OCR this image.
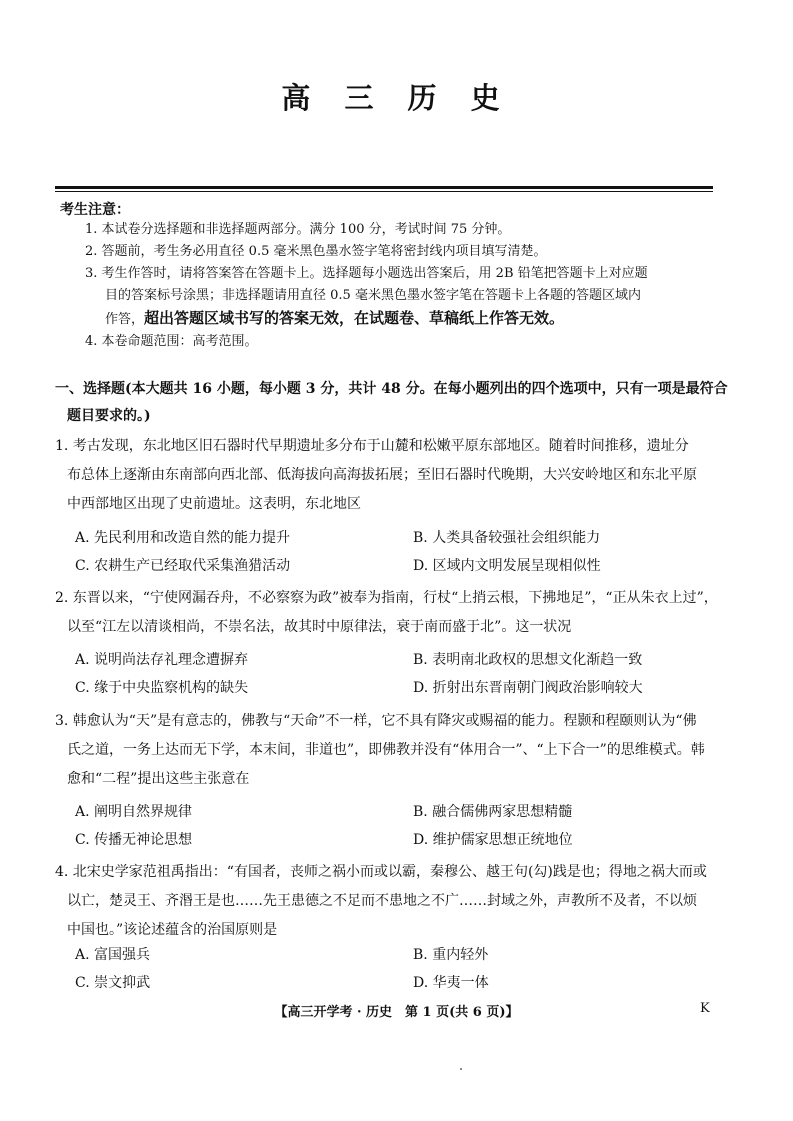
高 三 历 史
考生注意：
1. 本试卷分选择题和非选择题两部分。满分 100 分，考试时间 75 分钟。
2. 答题前，考生务必用直径 0.5 毫米黑色墨水签字笔将密封线内项目填写清楚。
3. 考生作答时，请将答案答在答题卡上。选择题每小题选出答案后，用 2B 铅笔把答题卡上对应题
目的答案标号涂黑；非选择题请用直径 0.5 毫米黑色墨水签字笔在答题卡上各题的答题区域内
作答，超出答题区域书写的答案无效，在试题卷、草稿纸上作答无效。
4. 本卷命题范围：高考范围。
一、选择题(本大题共 16 小题，每小题 3 分，共计 48 分。在每小题列出的四个选项中，只有一项是最符合
题目要求的。)
1. 考古发现，东北地区旧石器时代早期遗址多分布于山麓和松嫩平原东部地区。随着时间推移，遗址分
布总体上逐渐由东南部向西北部、低海拔向高海拔拓展；至旧石器时代晚期，大兴安岭地区和东北平原
中西部地区出现了史前遗址。这表明，东北地区
A. 先民利用和改造自然的能力提升	B. 人类具备较强社会组织能力
C. 农耕生产已经取代采集渔猎活动	D. 区域内文明发展呈现相似性
2. 东晋以来，“宁使网漏吞舟，不必察察为政”被奉为指南，行杖“上捎云根，下拂地足”，“正从朱衣上过”，
以至“江左以清谈相尚，不崇名法，故其时中原律法，衰于南而盛于北”。这一状况
A. 说明尚法存礼理念遭摒弃	B. 表明南北政权的思想文化渐趋一致
C. 缘于中央监察机构的缺失	D. 折射出东晋南朝门阀政治影响较大
3. 韩愈认为“天”是有意志的，佛教与“天命”不一样，它不具有降灾或赐福的能力。程颢和程颐则认为“佛
氏之道，一务上达而无下学，本末间，非道也”，即佛教并没有“体用合一”、“上下合一”的思维模式。韩
愈和“二程”提出这些主张意在
A. 阐明自然界规律	B. 融合儒佛两家思想精髓
C. 传播无神论思想	D. 维护儒家思想正统地位
4. 北宋史学家范祖禹指出：“有国者，丧师之祸小而或以霸，秦穆公、越王句(勾)践是也；得地之祸大而或
以亡，楚灵王、齐湣王是也……先王患德之不足而不患地之不广……封域之外，声教所不及者，不以烦
中国也。”该论述蕴含的治国原则是
A. 富国强兵	B. 重内轻外
C. 崇文抑武	D. 华夷一体
【高三开学考 · 历史　第 1 页(共 6 页)】	K
